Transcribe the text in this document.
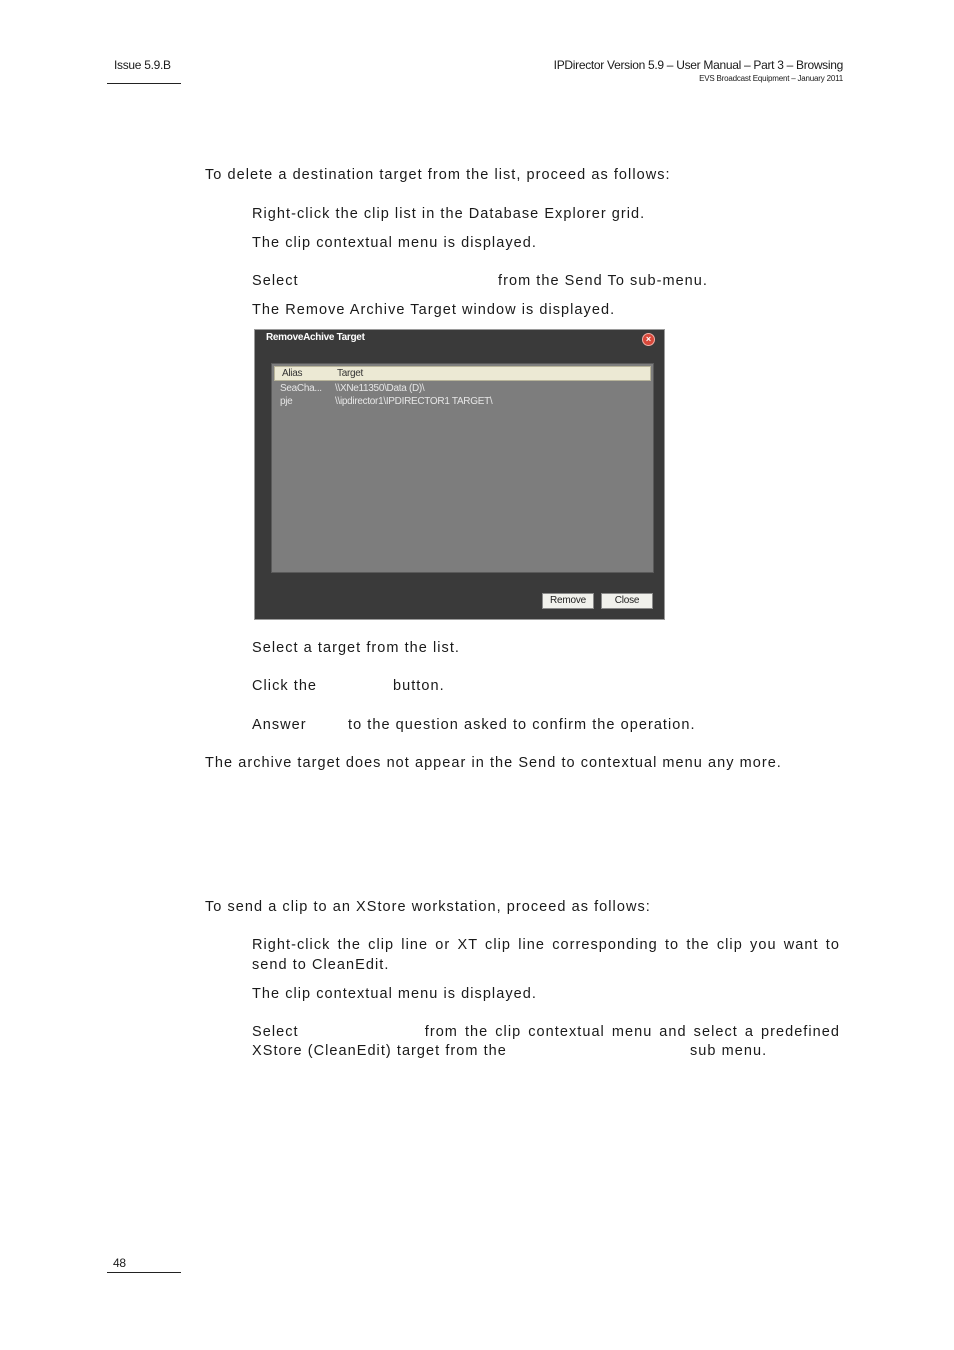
Issue 5.9.B	IPDirector Version 5.9 – User Manual – Part 3 – Browsing
EVS Broadcast Equipment – January 2011
To delete a destination target from the list, proceed as follows:
Right-click the clip list in the Database Explorer grid.
The clip contextual menu is displayed.
Select	from the Send To sub-menu.
The Remove Archive Target window is displayed.
RemoveAchive Target	×
Alias	Target
SeaCha... \\XNe11350\Data (D)\
pje	\\ipdirector1\IPDIRECTOR1 TARGET\
Remove	Close
Select a target from the list.
Click the	button.
Answer	to the question asked to confirm the operation.
The archive target does not appear in the Send to contextual menu any more.
To send a clip to an XStore workstation, proceed as follows:
Right-click the clip line or XT clip line corresponding to the clip you want to
send to CleanEdit.
The clip contextual menu is displayed.
Select                  from the clip contextual menu and select a predefined
XStore (CleanEdit) target from the	sub menu.
48
